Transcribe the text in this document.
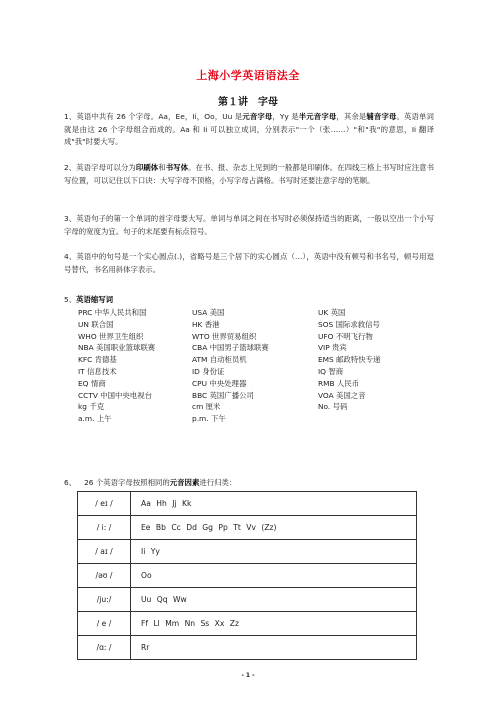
上海小学英语语法全
第１讲　字母
1、英语中共有 26 个字母。Aa，Ee，Ii，Oo，Uu 是元音字母，Yy 是半元音字母，其余是辅音字母。英语单词就是由这 26 个字母组合而成的。Aa 和 Ii 可以独立成词，分别表示"一个（张……）"和"我"的意思，Ii 翻译成"我"时要大写。
2、英语字母可以分为印刷体和书写体。在书、报、杂志上见到的一般都是印刷体。在四线三格上书写时应注意书写位置，可以记住以下口诀：大写字母不顶格，小写字母占满格。书写时还要注意字母的笔顺。
3、英语句子的第一个单词的首字母要大写。单词与单词之间在书写时必须保持适当的距离，一般以空出一个小写字母的宽度为宜。句子的末尾要有标点符号。
4、英语中的句号是一个实心圆点(.)，省略号是三个居下的实心圆点（…），英语中没有顿号和书名号，顿号用逗号替代，书名用斜体字表示。
5、英语缩写词
PRC 中华人民共和国	USA 美国	UK 英国
UN 联合国	HK 香港	SOS 国际求救信号
WHO 世界卫生组织	WTO 世界贸易组织	UFO 不明飞行物
NBA 美国职业篮球联赛	CBA 中国男子篮球联赛	VIP 贵宾
KFC 肯德基	ATM 自动柜员机	EMS 邮政特快专递
IT 信息技术	ID 身份证	IQ 智商
EQ 情商	CPU 中央处理器	RMB 人民币
CCTV 中国中央电视台	BBC 英国广播公司	VOA 美国之音
kg 千克	cm 厘米	No. 号码
a.m. 上午	p.m. 下午
6、 26 个英语字母按照相同的元音因素进行归类：
/ eɪ /	Aa Hh Jj Kk
/ i: /	Ee Bb Cc Dd Gg Pp Tt Vv (Zz)
/ aɪ /	Ii Yy
/əʊ /	Oo
/ju:/	Uu Qq Ww
/ e /	Ff Ll Mm Nn Ss Xx Zz
/ɑ: /	Rr
- 1 -
